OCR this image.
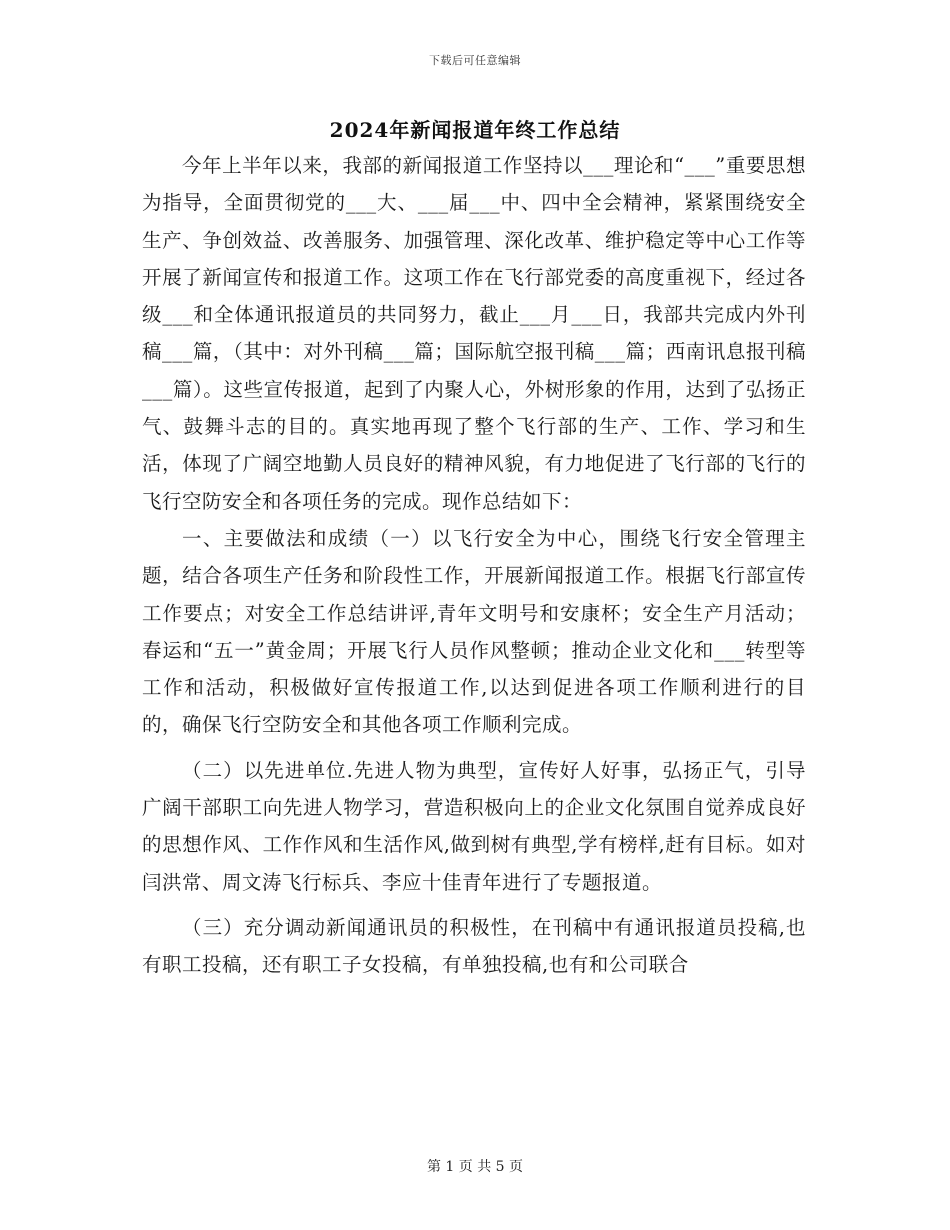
下载后可任意编辑
2024年新闻报道年终工作总结

今年上半年以来，我部的新闻报道工作坚持以___理论和“___”重要思想为指导，全面贯彻党的___大、___届___中、四中全会精神，紧紧围绕安全生产、争创效益、改善服务、加强管理、深化改革、维护稳定等中心工作等开展了新闻宣传和报道工作。这项工作在飞行部党委的高度重视下，经过各级___和全体通讯报道员的共同努力，截止___月___日，我部共完成内外刊稿___篇，（其中：对外刊稿___篇；国际航空报刊稿___篇；西南讯息报刊稿___篇）。这些宣传报道，起到了内聚人心，外树形象的作用，达到了弘扬正气、鼓舞斗志的目的。真实地再现了整个飞行部的生产、工作、学习和生活，体现了广阔空地勤人员良好的精神风貌，有力地促进了飞行部的飞行的飞行空防安全和各项任务的完成。现作总结如下：

一、主要做法和成绩（一）以飞行安全为中心，围绕飞行安全管理主题，结合各项生产任务和阶段性工作，开展新闻报道工作。根据飞行部宣传工作要点；对安全工作总结讲评,青年文明号和安康杯；安全生产月活动；春运和“五一”黄金周；开展飞行人员作风整顿；推动企业文化和___转型等工作和活动，积极做好宣传报道工作,以达到促进各项工作顺利进行的目的，确保飞行空防安全和其他各项工作顺利完成。

（二）以先进单位.先进人物为典型，宣传好人好事，弘扬正气，引导广阔干部职工向先进人物学习，营造积极向上的企业文化氛围自觉养成良好的思想作风、工作作风和生活作风,做到树有典型,学有榜样,赶有目标。如对闫洪常、周文涛飞行标兵、李应十佳青年进行了专题报道。

（三）充分调动新闻通讯员的积极性，在刊稿中有通讯报道员投稿,也有职工投稿，还有职工子女投稿，有单独投稿,也有和公司联合

第 1 页 共 5 页
